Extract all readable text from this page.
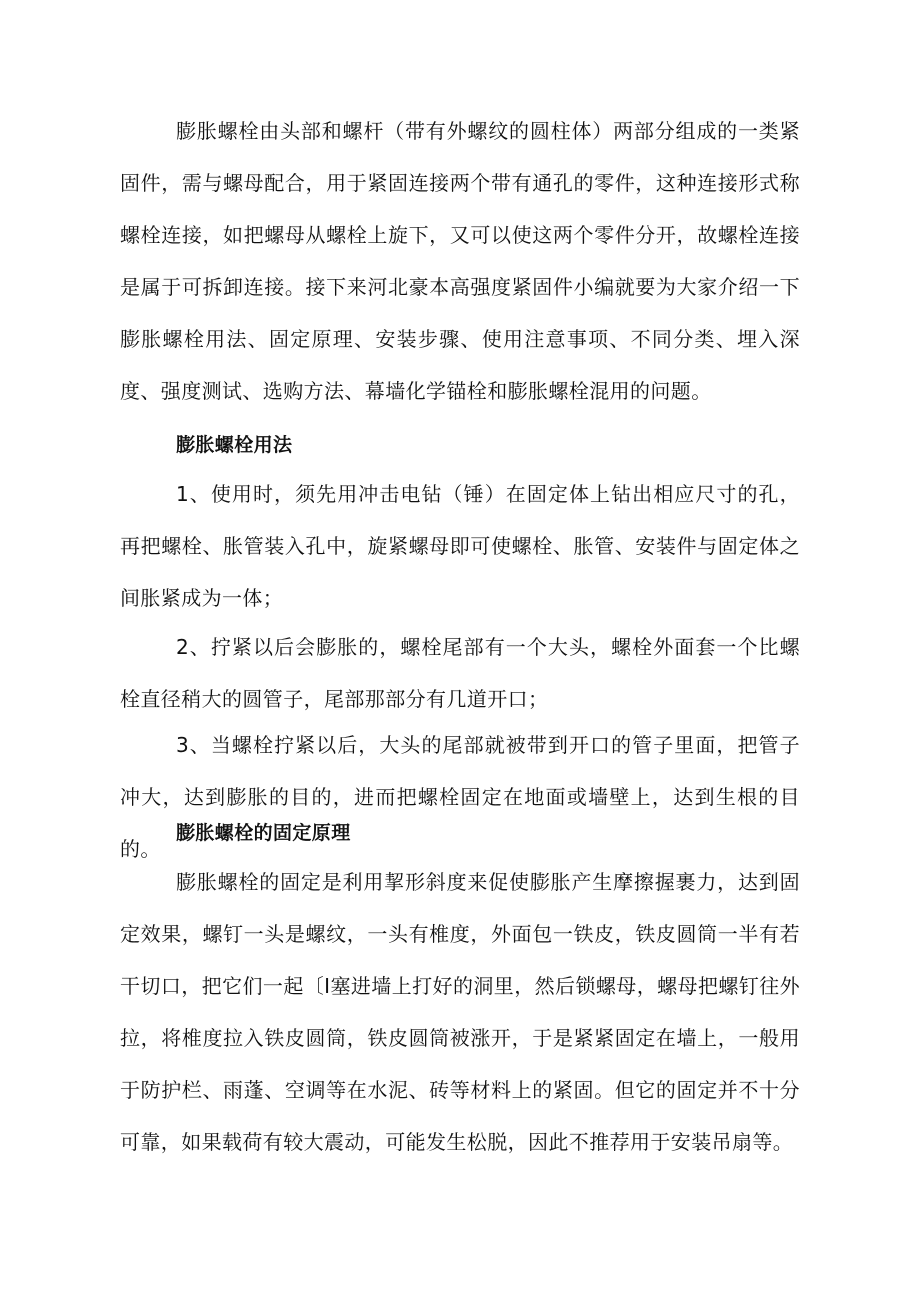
膨胀螺栓由头部和螺杆（带有外螺纹的圆柱体）两部分组成的一类紧固件，需与螺母配合，用于紧固连接两个带有通孔的零件，这种连接形式称螺栓连接，如把螺母从螺栓上旋下，又可以使这两个零件分开，故螺栓连接是属于可拆卸连接。接下来河北豪本高强度紧固件小编就要为大家介绍一下膨胀螺栓用法、固定原理、安装步骤、使用注意事项、不同分类、埋入深度、强度测试、选购方法、幕墙化学锚栓和膨胀螺栓混用的问题。

膨胀螺栓用法

1、使用时，须先用冲击电钻（锤）在固定体上钻出相应尺寸的孔，再把螺栓、胀管装入孔中，旋紧螺母即可使螺栓、胀管、安装件与固定体之间胀紧成为一体；

2、拧紧以后会膨胀的，螺栓尾部有一个大头，螺栓外面套一个比螺栓直径稍大的圆管子，尾部那部分有几道开口；

3、当螺栓拧紧以后，大头的尾部就被带到开口的管子里面，把管子冲大，达到膨胀的目的，进而把螺栓固定在地面或墙壁上，达到生根的目的。

膨胀螺栓的固定原理

膨胀螺栓的固定是利用挈形斜度来促使膨胀产生摩擦握裹力，达到固定效果，螺钉一头是螺纹，一头有椎度，外面包一铁皮，铁皮圆筒一半有若干切口，把它们一起〔I塞进墙上打好的洞里，然后锁螺母，螺母把螺钉往外拉，将椎度拉入铁皮圆筒，铁皮圆筒被涨开，于是紧紧固定在墙上，一般用于防护栏、雨蓬、空调等在水泥、砖等材料上的紧固。但它的固定并不十分可靠，如果载荷有较大震动，可能发生松脱，因此不推荐用于安装吊扇等。
